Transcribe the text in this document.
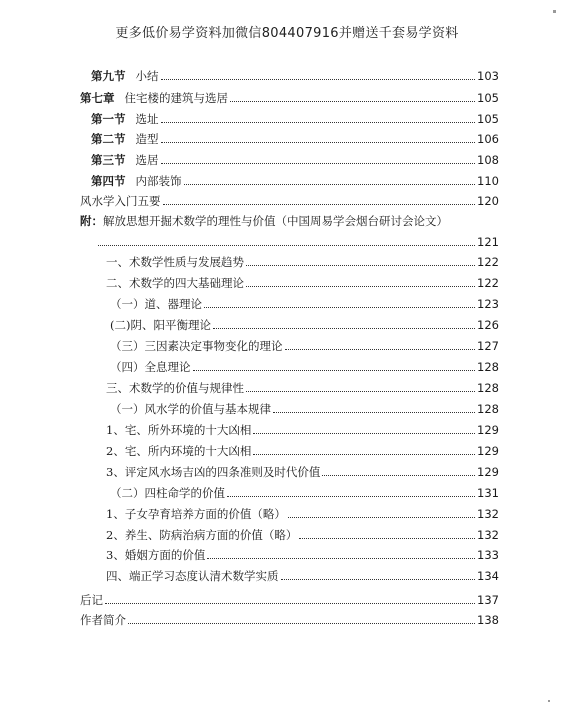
更多低价易学资料加微信804407916并赠送千套易学资料
第九节 小结	103
第七章 住宅楼的建筑与选居	105
第一节 选址	105
第二节 造型	106
第三节 选居	108
第四节 内部装饰	110
风水学入门五要	120
附：解放思想开掘术数学的理性与价值（中国周易学会烟台研讨会论文）
121
一、术数学性质与发展趋势	122
二、术数学的四大基础理论	122
（一）道、器理论	123
(二)阴、阳平衡理论	126
（三）三因素决定事物变化的理论	127
（四）全息理论	128
三、术数学的价值与规律性	128
（一）风水学的价值与基本规律	128
1、宅、所外环境的十大凶相	129
2、宅、所内环境的十大凶相	129
3、评定风水场吉凶的四条准则及时代价值	129
（二）四柱命学的价值	131
1、子女孕育培养方面的价值（略）	132
2、养生、防病治病方面的价值（略）	132
3、婚姻方面的价值	133
四、端正学习态度认清术数学实质	134
后记	137
作者简介	138
